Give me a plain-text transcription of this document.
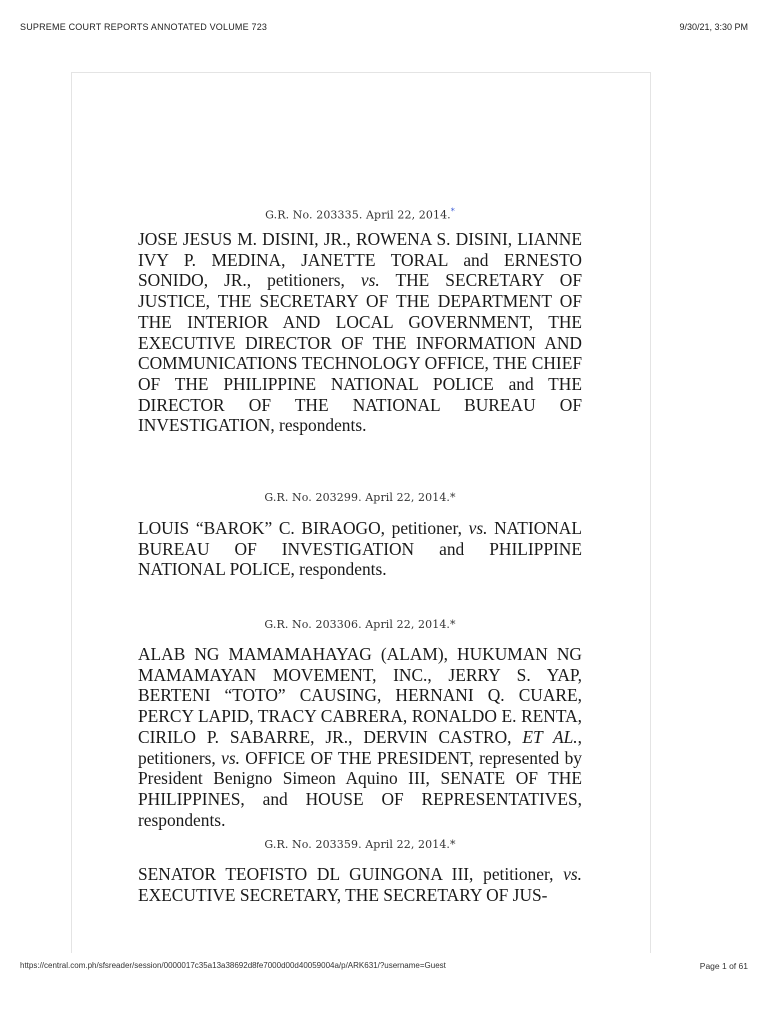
SUPREME COURT REPORTS ANNOTATED VOLUME 723	9/30/21, 3:30 PM
G.R. No. 203335. April 22, 2014.*

JOSE JESUS M. DISINI, JR., ROWENA S. DISINI, LIANNE IVY P. MEDINA, JANETTE TORAL and ERNESTO SONIDO, JR., petitioners, vs. THE SECRETARY OF JUSTICE, THE SECRETARY OF THE DEPARTMENT OF THE INTERIOR AND LOCAL GOVERNMENT, THE EXECUTIVE DIRECTOR OF THE INFORMATION AND COMMUNICATIONS TECHNOLOGY OFFICE, THE CHIEF OF THE PHILIPPINE NATIONAL POLICE and THE DIRECTOR OF THE NATIONAL BUREAU OF INVESTIGATION, respondents.

G.R. No. 203299. April 22, 2014.*

LOUIS “BAROK” C. BIRAOGO, petitioner, vs. NATIONAL BUREAU OF INVESTIGATION and PHILIPPINE NATIONAL POLICE, respondents.

G.R. No. 203306. April 22, 2014.*

ALAB NG MAMAMAHAYAG (ALAM), HUKUMAN NG MAMAMAYAN MOVEMENT, INC., JERRY S. YAP, BERTENI “TOTO” CAUSING, HERNANI Q. CUARE, PERCY LAPID, TRACY CABRERA, RONALDO E. RENTA, CIRILO P. SABARRE, JR., DERVIN CASTRO, ET AL., petitioners, vs. OFFICE OF THE PRESIDENT, represented by President Benigno Simeon Aquino III, SENATE OF THE PHILIPPINES, and HOUSE OF REPRESENTATIVES, respondents.

G.R. No. 203359. April 22, 2014.*

SENATOR TEOFISTO DL GUINGONA III, petitioner, vs. EXECUTIVE SECRETARY, THE SECRETARY OF JUS-

https://central.com.ph/sfsreader/session/0000017c35a13a38692d8fe7000d00d40059004a/p/ARK631/?username=Guest	Page 1 of 61
